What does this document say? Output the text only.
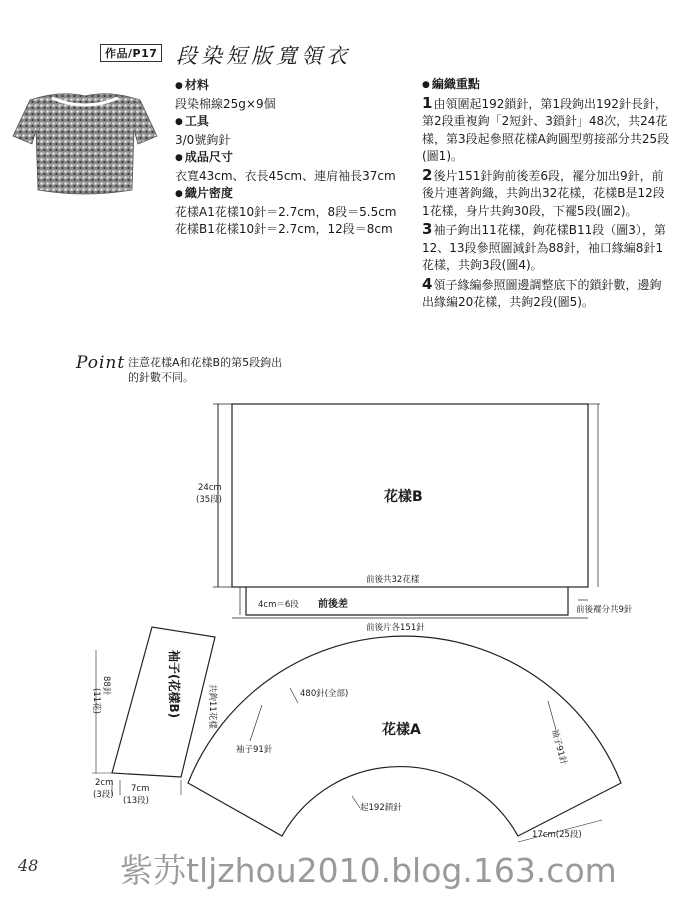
作品/P17 段染短版寬領衣
● 材料
段染棉線25g×9個
● 工具
3/0號鉤針
● 成品尺寸
衣寬43cm、衣長45cm、連肩袖長37cm
● 織片密度
花樣A1花樣10針＝2.7cm，8段＝5.5cm
花樣B1花樣10針＝2.7cm，12段＝8cm
● 編織重點
1由領圍起192鎖針，第1段鉤出192針長針，第2段重複鉤「2短針、3鎖針」48次，共24花樣，第3段起參照花樣A鉤圓型剪接部分共25段(圖1)。
2後片151針鉤前後差6段，襬分加出9針，前後片連著鉤織，共鉤出32花樣，花樣B是12段1花樣，身片共鉤30段，下襬5段(圖2)。
3袖子鉤出11花樣，鉤花樣B11段（圖3），第12、13段參照圖減針為88針，袖口緣編8針1花樣，共鉤3段(圖4)。
4領子緣編參照圖邊調整底下的鎖針數，邊鉤出緣編20花樣，共鉤2段(圖5)。
Point 注意花樣A和花樣B的第5段鉤出
的針數不同。
花樣B
24cm
(35段)
前後共32花樣
4cm＝6段 前後差	前後襬分共9針
前後片各151針
88針
(11花)	袖子(花樣B)	共鉤11花樣
2cm
(3段)
7cm
(13段)
花樣A
480針(全部)
袖子91針	袖子91針
起192鎖針
17cm(25段)
48 紫苏tljzhou2010.blog.163.com
